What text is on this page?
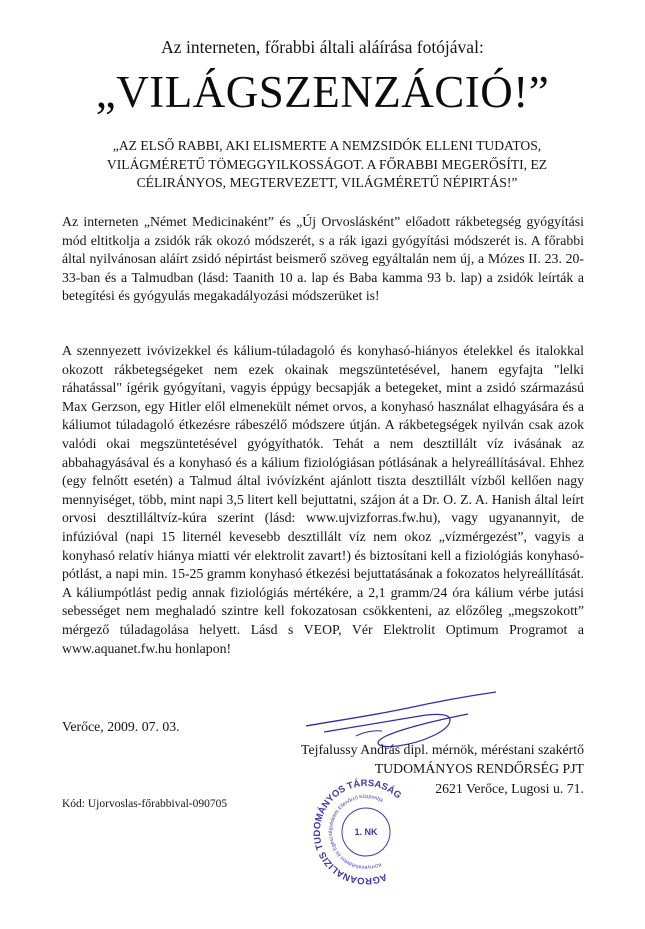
Az interneten, főrabbi általi aláírása fotójával:
„VILÁGSZENZÁCIÓ!”
„AZ ELSŐ RABBI, AKI ELISMERTE A NEMZSIDÓK ELLENI TUDATOS,
VILÁGMÉRETŰ TÖMEGGYILKOSSÁGOT. A FŐRABBI MEGERŐSÍTI, EZ
CÉLIRÁNYOS, MEGTERVEZETT, VILÁGMÉRETŰ NÉPIRTÁS!”
Az interneten „Német Medicinaként” és „Új Orvoslásként” előadott rákbetegség gyógyítási mód eltitkolja a zsidók rák okozó módszerét, s a rák igazi gyógyítási módszerét is. A főrabbi által nyilvánosan aláírt zsidó népirtást beismerő szöveg egyáltalán nem új, a Mózes II. 23. 20-33-ban és a Talmudban (lásd: Taanith 10 a. lap és Baba kamma 93 b. lap) a zsidók leírták a betegítési és gyógyulás megakadályozási módszerüket is!
A szennyezett ivóvizekkel és kálium-túladagoló és konyhasó-hiányos ételekkel és italokkal okozott rákbetegségeket nem ezek okainak megszüntetésével, hanem egyfajta "lelki ráhatással" ígérik gyógyítani, vagyis éppúgy becsapják a betegeket, mint a zsidó származású Max Gerzson, egy Hitler elől elmenekült német orvos, a konyhasó használat elhagyására és a káliumot túladagoló étkezésre rábeszélő módszere útján. A rákbetegségek nyilván csak azok valódi okai megszüntetésével gyógyíthatók. Tehát a nem desztillált víz ivásának az abbahagyásával és a konyhasó és a kálium fiziológiásan pótlásának a helyreállításával. Ehhez (egy felnőtt esetén) a Talmud által ivóvízként ajánlott tiszta desztillált vízből kellően nagy mennyiséget, több, mint napi 3,5 litert kell bejuttatni, szájon át a Dr. O. Z. A. Hanish által leírt orvosi desztilláltvíz-kúra szerint (lásd: www.ujvizforras.fw.hu), vagy ugyanannyit, de infúzióval (napi 15 liternél kevesebb desztillált víz nem okoz „vízmérgezést”, vagyis a konyhasó relatív hiánya miatti vér elektrolit zavart!) és biztosítani kell a fiziológiás konyhasó-pótlást, a napi min. 15-25 gramm konyhasó étkezési bejuttatásának a fokozatos helyreállítását. A káliumpótlást pedig annak fiziológiás mértékére, a 2,1 gramm/24 óra kálium vérbe jutási sebességet nem meghaladó szintre kell fokozatosan csökkenteni, az előzőleg „megszokott” mérgező túladagolása helyett. Lásd s VEOP, Vér Elektrolit Optimum Programot a www.aquanet.fw.hu honlapon!
Verőce, 2009. 07. 03.
Tejfalussy András dipl. mérnök, méréstani szakértő
TUDOMÁNYOS RENDŐRSÉG PJT
2621 Verőce, Lugosi u. 71.
Kód: Ujorvoslas-főrabbival-090705
AGROANALIZIS TUDOMÁNYOS TÁRSASÁG
Környezetvédelmi és Egészségvédelmi Ellenőrző Központja
1. NK
